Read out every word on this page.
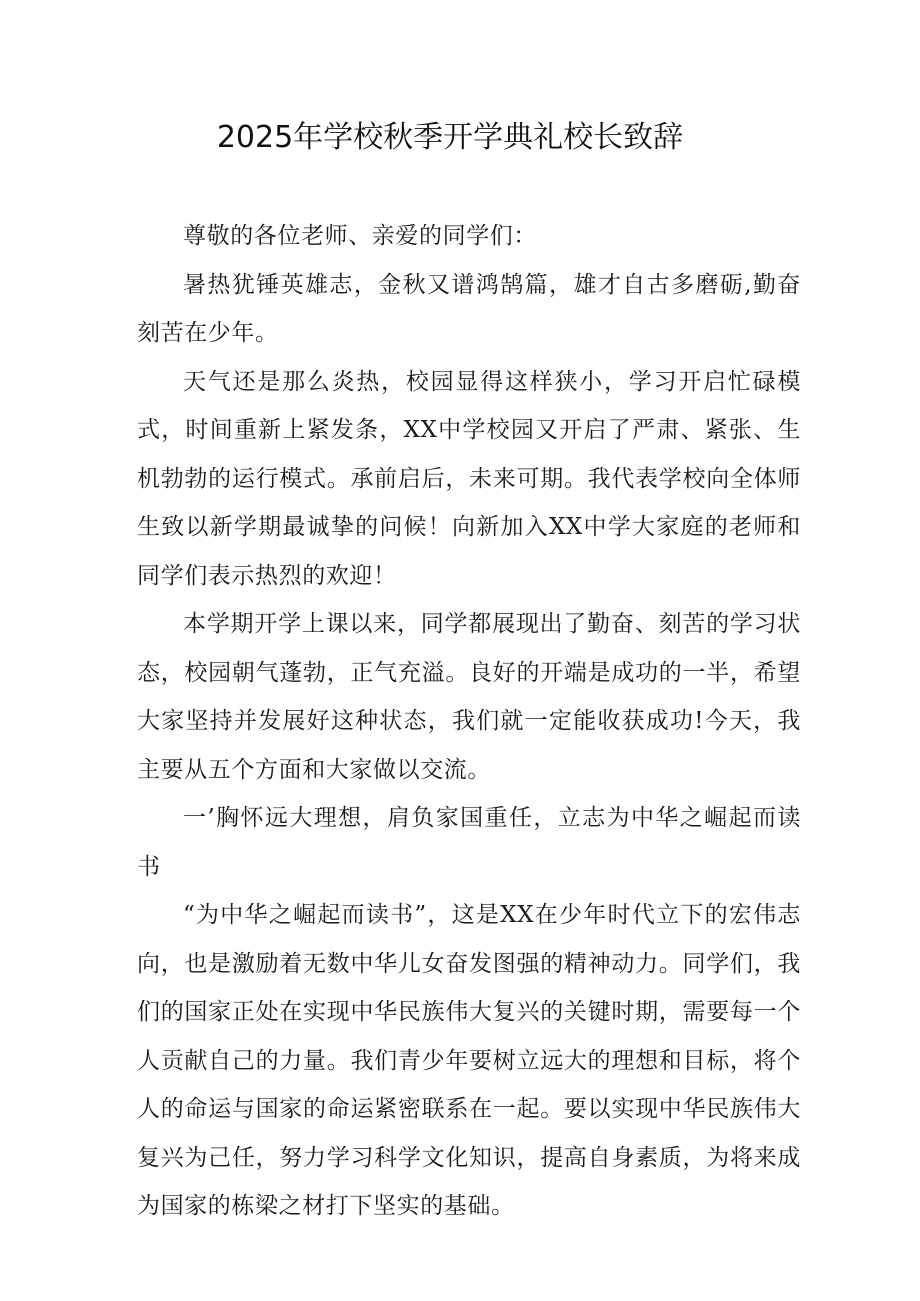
2025年学校秋季开学典礼校长致辞

尊敬的各位老师、亲爱的同学们：

暑热犹锤英雄志，金秋又谱鸿鹄篇，雄才自古多磨砺,勤奋刻苦在少年。

天气还是那么炎热，校园显得这样狭小，学习开启忙碌模式，时间重新上紧发条，XX中学校园又开启了严肃、紧张、生机勃勃的运行模式。承前启后，未来可期。我代表学校向全体师生致以新学期最诚挚的问候！向新加入XX中学大家庭的老师和同学们表示热烈的欢迎！

本学期开学上课以来，同学都展现出了勤奋、刻苦的学习状态，校园朝气蓬勃，正气充溢。良好的开端是成功的一半，希望大家坚持并发展好这种状态，我们就一定能收获成功!今天，我主要从五个方面和大家做以交流。

一’胸怀远大理想，肩负家国重任，立志为中华之崛起而读书

“为中华之崛起而读书”，这是XX在少年时代立下的宏伟志向，也是激励着无数中华儿女奋发图强的精神动力。同学们，我们的国家正处在实现中华民族伟大复兴的关键时期，需要每一个人贡献自己的力量。我们青少年要树立远大的理想和目标，将个人的命运与国家的命运紧密联系在一起。要以实现中华民族伟大复兴为己任，努力学习科学文化知识，提高自身素质，为将来成为国家的栋梁之材打下坚实的基础。
